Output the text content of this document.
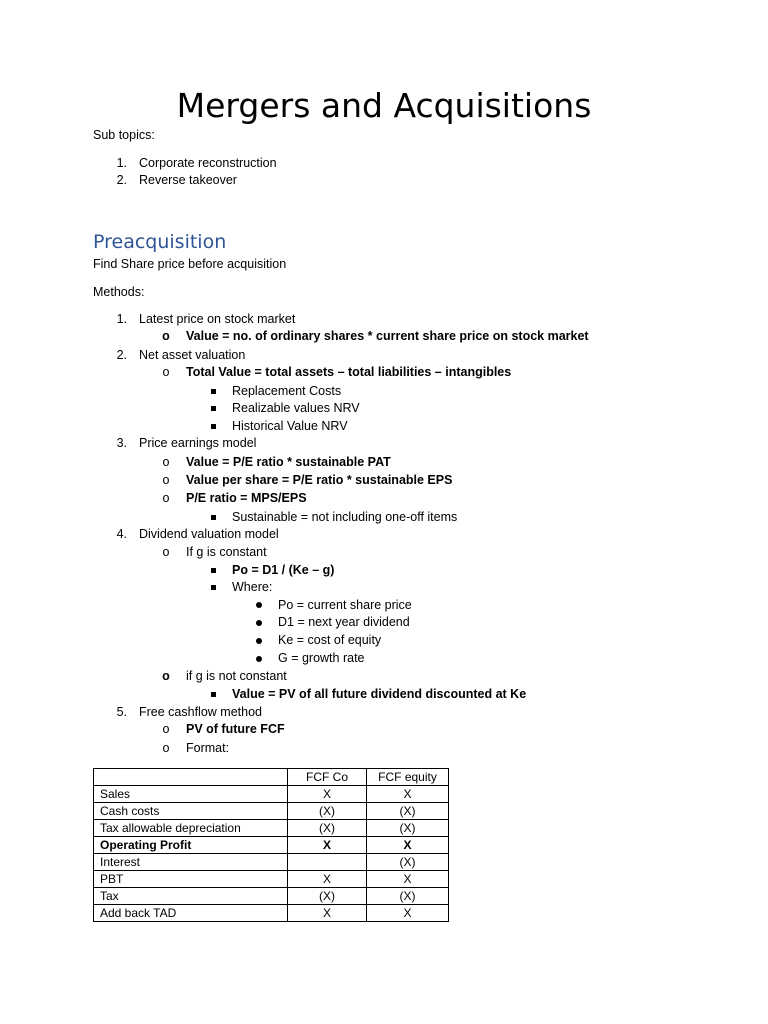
Mergers and Acquisitions
Sub topics:
1. Corporate reconstruction
2. Reverse takeover
Preacquisition
Find Share price before acquisition
Methods:
1. Latest price on stock market
o Value = no. of ordinary shares * current share price on stock market
2. Net asset valuation
o Total Value = total assets – total liabilities – intangibles
Replacement Costs
Realizable values NRV
Historical Value NRV
3. Price earnings model
o Value = P/E ratio * sustainable PAT
o Value per share = P/E ratio * sustainable EPS
o P/E ratio = MPS/EPS
Sustainable = not including one-off items
4. Dividend valuation model
o If g is constant
Po = D1 / (Ke – g)
Where:
Po = current share price
D1 = next year dividend
Ke = cost of equity
G = growth rate
o if g is not constant
Value = PV of all future dividend discounted at Ke
5. Free cashflow method
o PV of future FCF
o Format:
	FCF Co	FCF equity
Sales	X	X
Cash costs	(X)	(X)
Tax allowable depreciation	(X)	(X)
Operating Profit	X	X
Interest		(X)
PBT	X	X
Tax	(X)	(X)
Add back TAD	X	X
